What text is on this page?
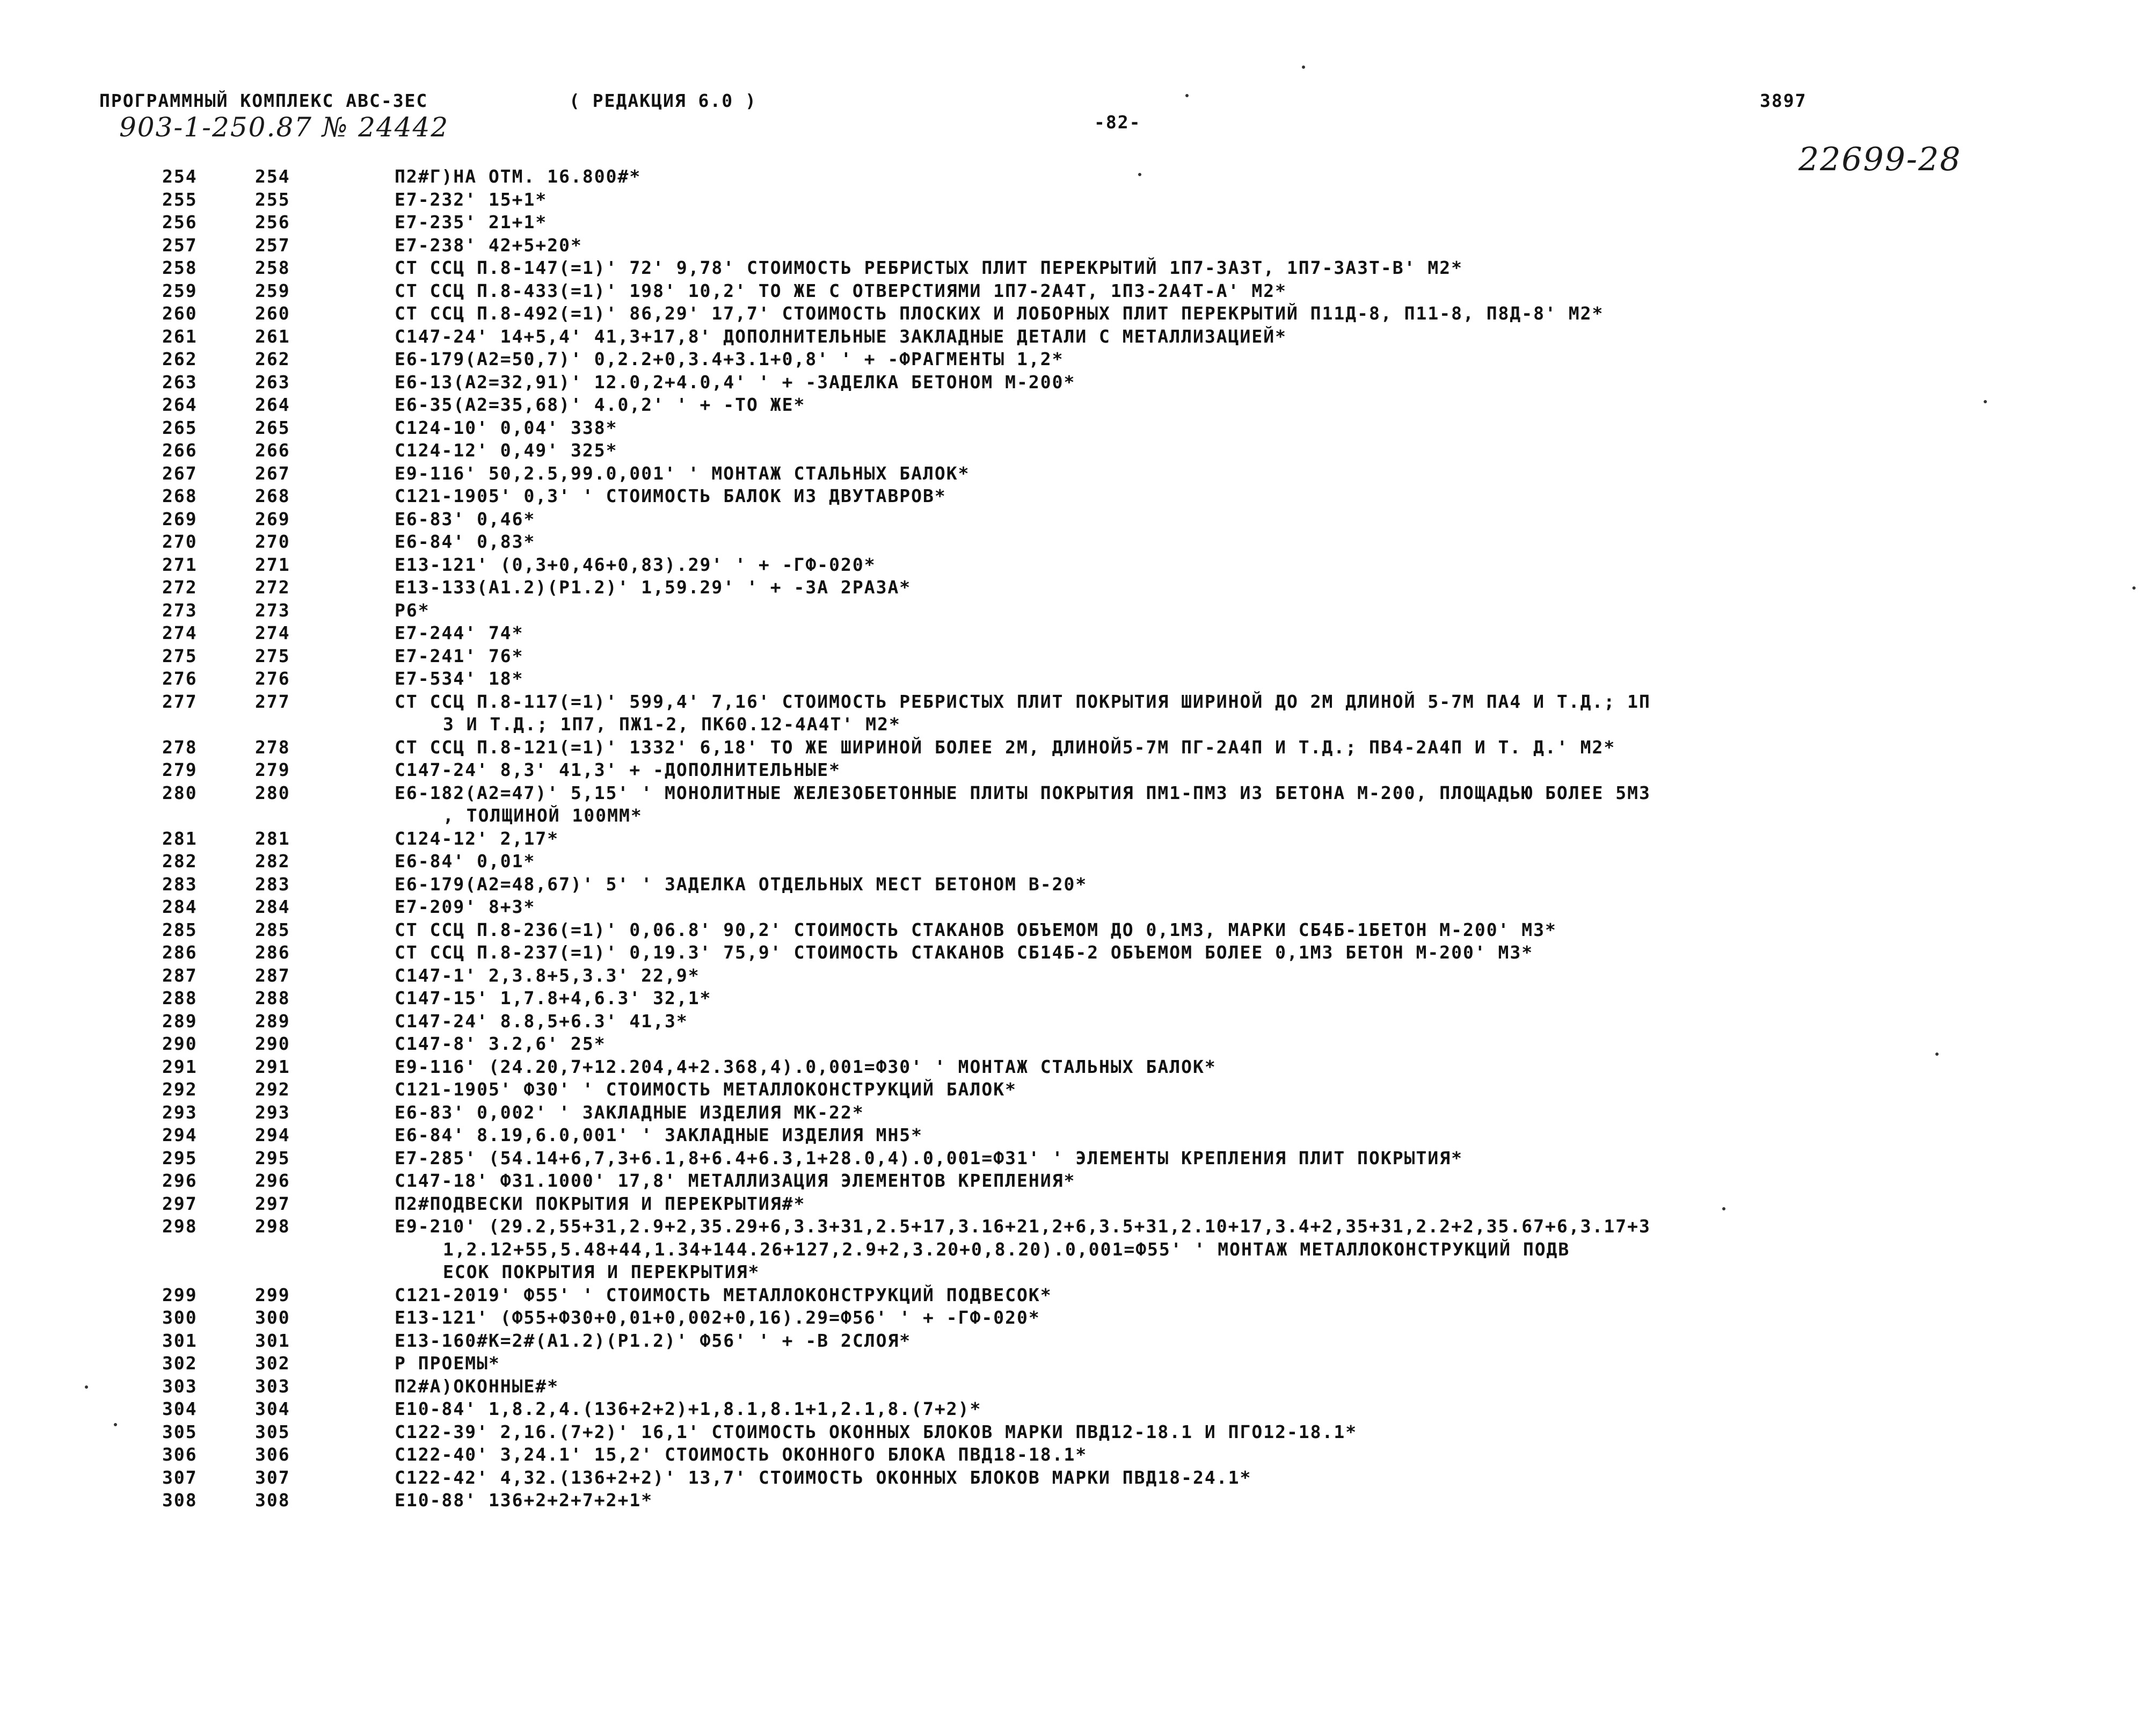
ПРОГРАММНЫЙ КОМПЛЕКС АВС-ЗЕС	( РЕДАКЦИЯ 6.0 )
-82-
3897
903-1-250.87 № 24442
22699-28
254	254	П2#Г)НА ОТМ. 16.800#*
255	255	Е7-232' 15+1*
256	256	Е7-235' 21+1*
257	257	Е7-238' 42+5+20*
258	258	СТ ССЦ П.8-147(=1)' 72' 9,78' СТОИМОСТЬ РЕБРИСТЫХ ПЛИТ ПЕРЕКРЫТИЙ 1П7-3А3Т, 1П7-3А3Т-В' М2*
259	259	СТ ССЦ П.8-433(=1)' 198' 10,2' ТО ЖЕ С ОТВЕРСТИЯМИ 1П7-2А4Т, 1П3-2А4Т-А' М2*
260	260	СТ ССЦ П.8-492(=1)' 86,29' 17,7' СТОИМОСТЬ ПЛОСКИХ И ЛОБОРНЫХ ПЛИТ ПЕРЕКРЫТИЙ П11Д-8, П11-8, П8Д-8' М2*
261	261	С147-24' 14+5,4' 41,3+17,8' ДОПОЛНИТЕЛЬНЫЕ ЗАКЛАДНЫЕ ДЕТАЛИ С МЕТАЛЛИЗАЦИЕЙ*
262	262	Е6-179(А2=50,7)' 0,2.2+0,3.4+3.1+0,8' ' + -ФРАГМЕНТЫ 1,2*
263	263	Е6-13(А2=32,91)' 12.0,2+4.0,4' ' + -ЗАДЕЛКА БЕТОНОМ М-200*
264	264	Е6-35(А2=35,68)' 4.0,2' ' + -ТО ЖЕ*
265	265	С124-10' 0,04' 338*
266	266	С124-12' 0,49' 325*
267	267	Е9-116' 50,2.5,99.0,001' ' МОНТАЖ СТАЛЬНЫХ БАЛОК*
268	268	С121-1905' 0,3' ' СТОИМОСТЬ БАЛОК ИЗ ДВУТАВРОВ*
269	269	Е6-83' 0,46*
270	270	Е6-84' 0,83*
271	271	Е13-121' (0,3+0,46+0,83).29' ' + -ГФ-020*
272	272	Е13-133(А1.2)(Р1.2)' 1,59.29' ' + -ЗА 2РАЗА*
273	273	Р6*
274	274	Е7-244' 74*
275	275	Е7-241' 76*
276	276	Е7-534' 18*
277	277	СТ ССЦ П.8-117(=1)' 599,4' 7,16' СТОИМОСТЬ РЕБРИСТЫХ ПЛИТ ПОКРЫТИЯ ШИРИНОЙ ДО 2М ДЛИНОЙ 5-7М ПА4 И Т.Д.; 1П
3 И Т.Д.; 1П7, ПЖ1-2, ПК60.12-4А4Т' М2*
278	278	СТ ССЦ П.8-121(=1)' 1332' 6,18' ТО ЖЕ ШИРИНОЙ БОЛЕЕ 2М, ДЛИНОЙ5-7М ПГ-2А4П И Т.Д.; ПВ4-2А4П И Т. Д.' М2*
279	279	С147-24' 8,3' 41,3' + -ДОПОЛНИТЕЛЬНЫЕ*
280	280	Е6-182(А2=47)' 5,15' ' МОНОЛИТНЫЕ ЖЕЛЕЗОБЕТОННЫЕ ПЛИТЫ ПОКРЫТИЯ ПМ1-ПМ3 ИЗ БЕТОНА М-200, ПЛОЩАДЬЮ БОЛЕЕ 5М3
, ТОЛЩИНОЙ 100ММ*
281	281	С124-12' 2,17*
282	282	Е6-84' 0,01*
283	283	Е6-179(А2=48,67)' 5' ' ЗАДЕЛКА ОТДЕЛЬНЫХ МЕСТ БЕТОНОМ В-20*
284	284	Е7-209' 8+3*
285	285	СТ ССЦ П.8-236(=1)' 0,06.8' 90,2' СТОИМОСТЬ СТАКАНОВ ОБЪЕМОМ ДО 0,1М3, МАРКИ СБ4Б-1БЕТОН М-200' М3*
286	286	СТ ССЦ П.8-237(=1)' 0,19.3' 75,9' СТОИМОСТЬ СТАКАНОВ СБ14Б-2 ОБЪЕМОМ БОЛЕЕ 0,1М3 БЕТОН М-200' М3*
287	287	С147-1' 2,3.8+5,3.3' 22,9*
288	288	С147-15' 1,7.8+4,6.3' 32,1*
289	289	С147-24' 8.8,5+6.3' 41,3*
290	290	С147-8' 3.2,6' 25*
291	291	Е9-116' (24.20,7+12.204,4+2.368,4).0,001=Ф30' ' МОНТАЖ СТАЛЬНЫХ БАЛОК*
292	292	С121-1905' Ф30' ' СТОИМОСТЬ МЕТАЛЛОКОНСТРУКЦИЙ БАЛОК*
293	293	Е6-83' 0,002' ' ЗАКЛАДНЫЕ ИЗДЕЛИЯ МК-22*
294	294	Е6-84' 8.19,6.0,001' ' ЗАКЛАДНЫЕ ИЗДЕЛИЯ МН5*
295	295	Е7-285' (54.14+6,7,3+6.1,8+6.4+6.3,1+28.0,4).0,001=Ф31' ' ЭЛЕМЕНТЫ КРЕПЛЕНИЯ ПЛИТ ПОКРЫТИЯ*
296	296	С147-18' Ф31.1000' 17,8' МЕТАЛЛИЗАЦИЯ ЭЛЕМЕНТОВ КРЕПЛЕНИЯ*
297	297	П2#ПОДВЕСКИ ПОКРЫТИЯ И ПЕРЕКРЫТИЯ#*
298	298	Е9-210' (29.2,55+31,2.9+2,35.29+6,3.3+31,2.5+17,3.16+21,2+6,3.5+31,2.10+17,3.4+2,35+31,2.2+2,35.67+6,3.17+3
1,2.12+55,5.48+44,1.34+144.26+127,2.9+2,3.20+0,8.20).0,001=Ф55' ' МОНТАЖ МЕТАЛЛОКОНСТРУКЦИЙ ПОДВ
ЕСОК ПОКРЫТИЯ И ПЕРЕКРЫТИЯ*
299	299	С121-2019' Ф55' ' СТОИМОСТЬ МЕТАЛЛОКОНСТРУКЦИЙ ПОДВЕСОК*
300	300	Е13-121' (Ф55+Ф30+0,01+0,002+0,16).29=Ф56' ' + -ГФ-020*
301	301	Е13-160#К=2#(А1.2)(Р1.2)' Ф56' ' + -В 2СЛОЯ*
302	302	Р ПРОЕМЫ*
303	303	П2#А)ОКОННЫЕ#*
304	304	Е10-84' 1,8.2,4.(136+2+2)+1,8.1,8.1+1,2.1,8.(7+2)*
305	305	С122-39' 2,16.(7+2)' 16,1' СТОИМОСТЬ ОКОННЫХ БЛОКОВ МАРКИ ПВД12-18.1 И ПГО12-18.1*
306	306	С122-40' 3,24.1' 15,2' СТОИМОСТЬ ОКОННОГО БЛОКА ПВД18-18.1*
307	307	С122-42' 4,32.(136+2+2)' 13,7' СТОИМОСТЬ ОКОННЫХ БЛОКОВ МАРКИ ПВД18-24.1*
308	308	Е10-88' 136+2+2+7+2+1*
